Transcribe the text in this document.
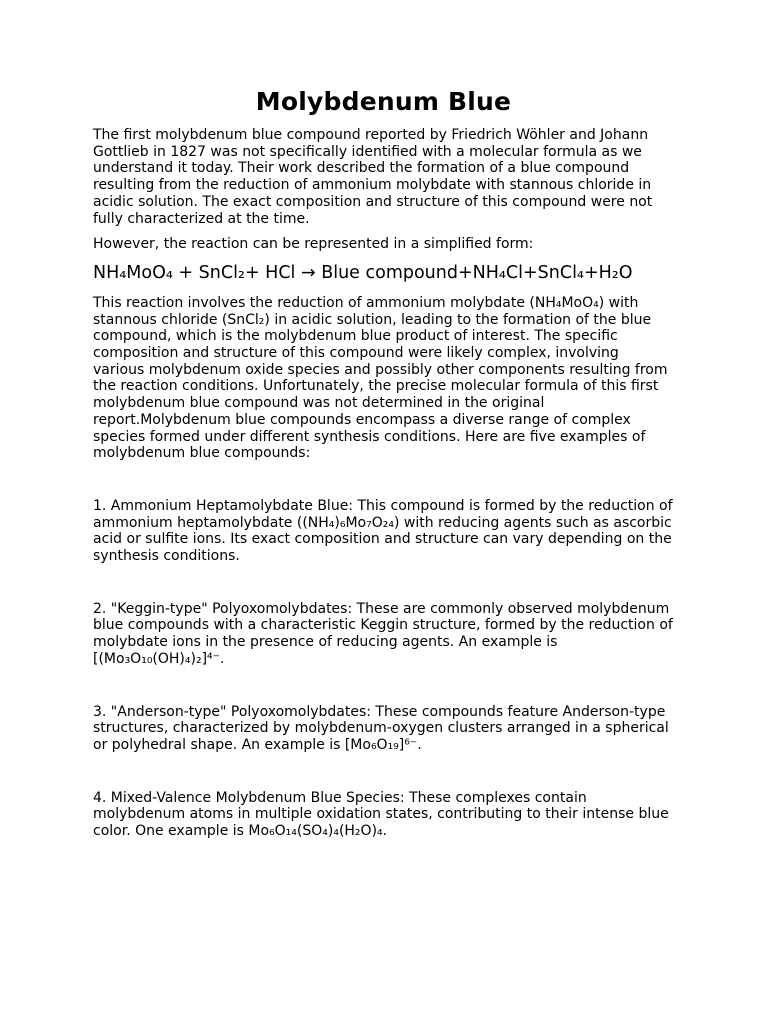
Molybdenum Blue

The first molybdenum blue compound reported by Friedrich Wöhler and Johann Gottlieb in 1827 was not specifically identified with a molecular formula as we understand it today. Their work described the formation of a blue compound resulting from the reduction of ammonium molybdate with stannous chloride in acidic solution. The exact composition and structure of this compound were not fully characterized at the time.

However, the reaction can be represented in a simplified form:

NH₄MoO₄ + SnCl₂+ HCl → Blue compound+NH₄Cl+SnCl₄+H₂O

This reaction involves the reduction of ammonium molybdate (NH₄MoO₄) with stannous chloride (SnCl₂) in acidic solution, leading to the formation of the blue compound, which is the molybdenum blue product of interest. The specific composition and structure of this compound were likely complex, involving various molybdenum oxide species and possibly other components resulting from the reaction conditions. Unfortunately, the precise molecular formula of this first molybdenum blue compound was not determined in the original report.Molybdenum blue compounds encompass a diverse range of complex species formed under different synthesis conditions. Here are five examples of molybdenum blue compounds:

1. Ammonium Heptamolybdate Blue: This compound is formed by the reduction of ammonium heptamolybdate ((NH₄)₆Mo₇O₂₄) with reducing agents such as ascorbic acid or sulfite ions. Its exact composition and structure can vary depending on the synthesis conditions.
2. "Keggin-type" Polyoxomolybdates: These are commonly observed molybdenum blue compounds with a characteristic Keggin structure, formed by the reduction of molybdate ions in the presence of reducing agents. An example is [(Mo₃O₁₀(OH)₄)₂]⁴⁻.
3. "Anderson-type" Polyoxomolybdates: These compounds feature Anderson-type structures, characterized by molybdenum-oxygen clusters arranged in a spherical or polyhedral shape. An example is [Mo₆O₁₉]⁶⁻.
4. Mixed-Valence Molybdenum Blue Species: These complexes contain molybdenum atoms in multiple oxidation states, contributing to their intense blue color. One example is Mo₆O₁₄(SO₄)₄(H₂O)₄.
